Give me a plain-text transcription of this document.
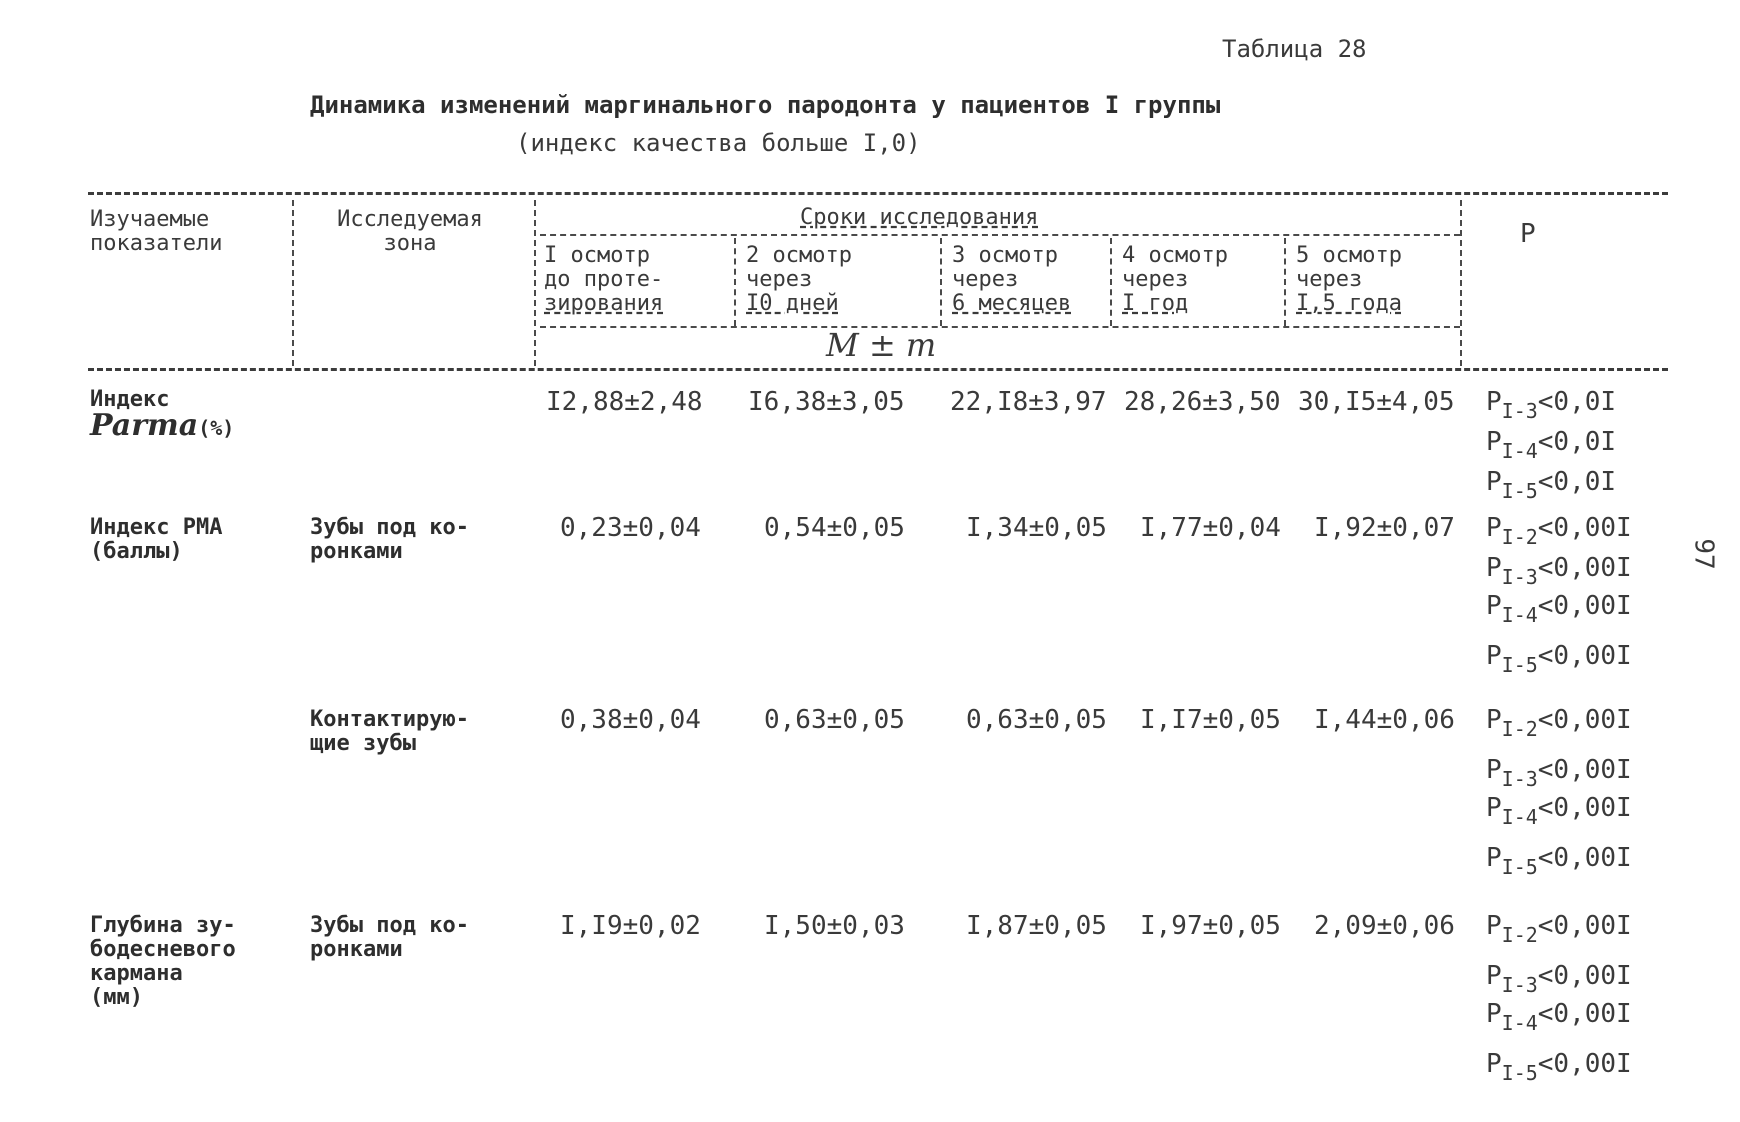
Таблица 28
Динамика изменений маргинального пародонта у пациентов I группы
(индекс качества больше I,0)
97
Изучаемые
показатели
Исследуемая
зона
Сроки исследования
I осмотр
до проте-
зирования
2 осмотр
через
I0 дней
3 осмотр
через
6 месяцев
4 осмотр
через
I год
5 осмотр
через
I,5 года
M ± m
P
Индекс
Parma(%)
I2,88±2,48 I6,38±3,05 22,I8±3,97 28,26±3,50 30,I5±4,05 $P_{I-3}<0,0I$
$P_{I-4}<0,0I$
$P_{I-5}<0,0I$
Индекс PMA
(баллы)
Зубы под ко-
ронками
0,23±0,04 0,54±0,05 I,34±0,05 I,77±0,04 I,92±0,07 $P_{I-2}<0,00I$
$P_{I-3}<0,00I$
$P_{I-4}<0,00I$
$P_{I-5}<0,00I$
Контактирую-
щие зубы
0,38±0,04 0,63±0,05 0,63±0,05 I,I7±0,05 I,44±0,06 $P_{I-2}<0,00I$
$P_{I-3}<0,00I$
$P_{I-4}<0,00I$
$P_{I-5}<0,00I$
Глубина зу-
бодесневого
кармана
(мм)
Зубы под ко-
ронками
I,I9±0,02 I,50±0,03 I,87±0,05 I,97±0,05 2,09±0,06 $P_{I-2}<0,00I$
$P_{I-3}<0,00I$
$P_{I-4}<0,00I$
$P_{I-5}<0,00I$
